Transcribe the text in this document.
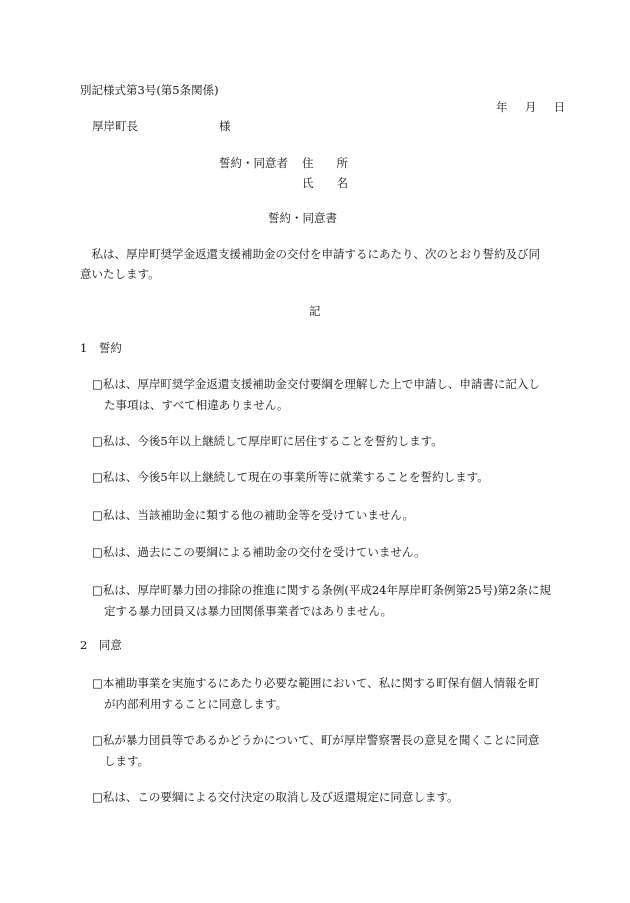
別記様式第3号(第5条関係)
年 月 日
厚岸町長	様
誓約・同意者 住　　所
氏　　名
誓約・同意書
　私は、厚岸町奨学金返還支援補助金の交付を申請するにあたり、次のとおり誓約及び同
意いたします。
記
1　誓約
□私は、厚岸町奨学金返還支援補助金交付要綱を理解した上で申請し、申請書に記入し
た事項は、すべて相違ありません。
□私は、今後5年以上継続して厚岸町に居住することを誓約します。
□私は、今後5年以上継続して現在の事業所等に就業することを誓約します。
□私は、当該補助金に類する他の補助金等を受けていません。
□私は、過去にこの要綱による補助金の交付を受けていません。
□私は、厚岸町暴力団の排除の推進に関する条例(平成24年厚岸町条例第25号)第2条に規
定する暴力団員又は暴力団関係事業者ではありません。
2　同意
□本補助事業を実施するにあたり必要な範囲において、私に関する町保有個人情報を町
が内部利用することに同意します。
□私が暴力団員等であるかどうかについて、町が厚岸警察署長の意見を聞くことに同意
します。
□私は、この要綱による交付決定の取消し及び返還規定に同意します。
